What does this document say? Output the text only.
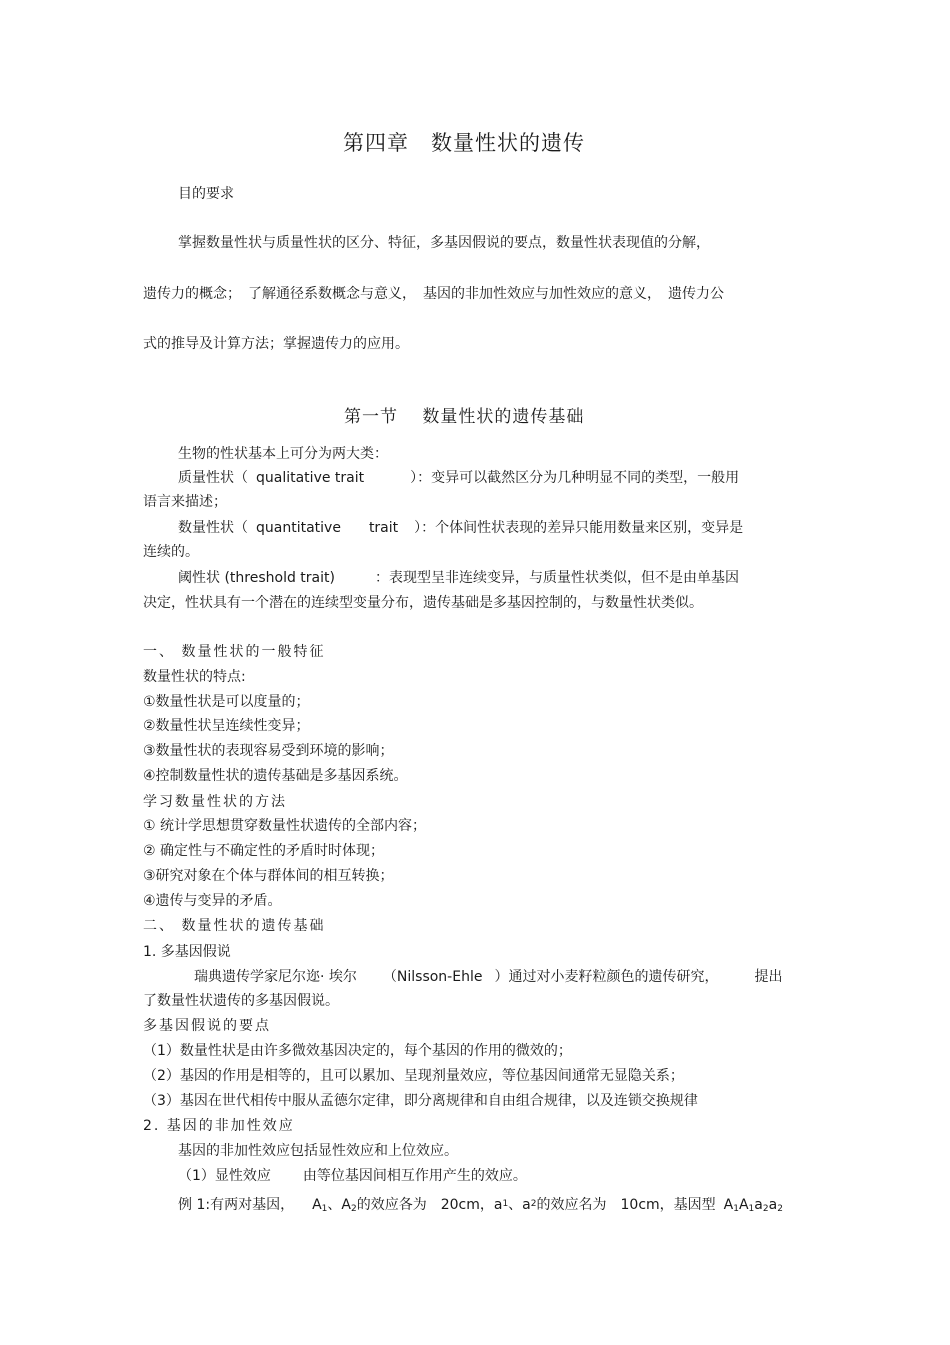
第四章　数量性状的遗传
目的要求
掌握数量性状与质量性状的区分、特征，多基因假说的要点，数量性状表现值的分解，
遗传力的概念；　了解通径系数概念与意义，　基因的非加性效应与加性效应的意义，　遗传力公
式的推导及计算方法；掌握遗传力的应用。
第一节　 数量性状的遗传基础
生物的性状基本上可分为两大类：
质量性状（ qualitative trait	）：变异可以截然区分为几种明显不同的类型，一般用
语言来描述；
数量性状（ quantitative trait ）：个体间性状表现的差异只能用数量来区别，变异是
连续的。
阈性状 (threshold trait)	：表现型呈非连续变异，与质量性状类似，但不是由单基因
决定，性状具有一个潜在的连续型变量分布，遗传基础是多基因控制的，与数量性状类似。
一、 数量性状的一般特征
数量性状的特点:
①数量性状是可以度量的；
②数量性状呈连续性变异；
③数量性状的表现容易受到环境的影响；
④控制数量性状的遗传基础是多基因系统。
学习数量性状的方法
① 统计学思想贯穿数量性状遗传的全部内容；
② 确定性与不确定性的矛盾时时体现；
③研究对象在个体与群体间的相互转换；
④遗传与变异的矛盾。
二、 数量性状的遗传基础
1. 多基因假说
瑞典遗传学家尼尔迩· 埃尔 （Nilsson-Ehle ）通过对小麦籽粒颜色的遗传研究，	提出
了数量性状遗传的多基因假说。
多基因假说的要点
（1）数量性状是由许多微效基因决定的，每个基因的作用的微效的；
（2）基因的作用是相等的，且可以累加、呈现剂量效应，等位基因间通常无显隐关系；
（3）基因在世代相传中服从孟德尔定律，即分离规律和自由组合规律，以及连锁交换规律
2. 基因的非加性效应
基因的非加性效应包括显性效应和上位效应。
（1）显性效应 由等位基因间相互作用产生的效应。
例 1:有两对基因， $A_1$、$A_2$的效应各为 20cm，$a^1$、$a^2$的效应名为 10cm，基因型 $A_1A_1a_2a_2$
